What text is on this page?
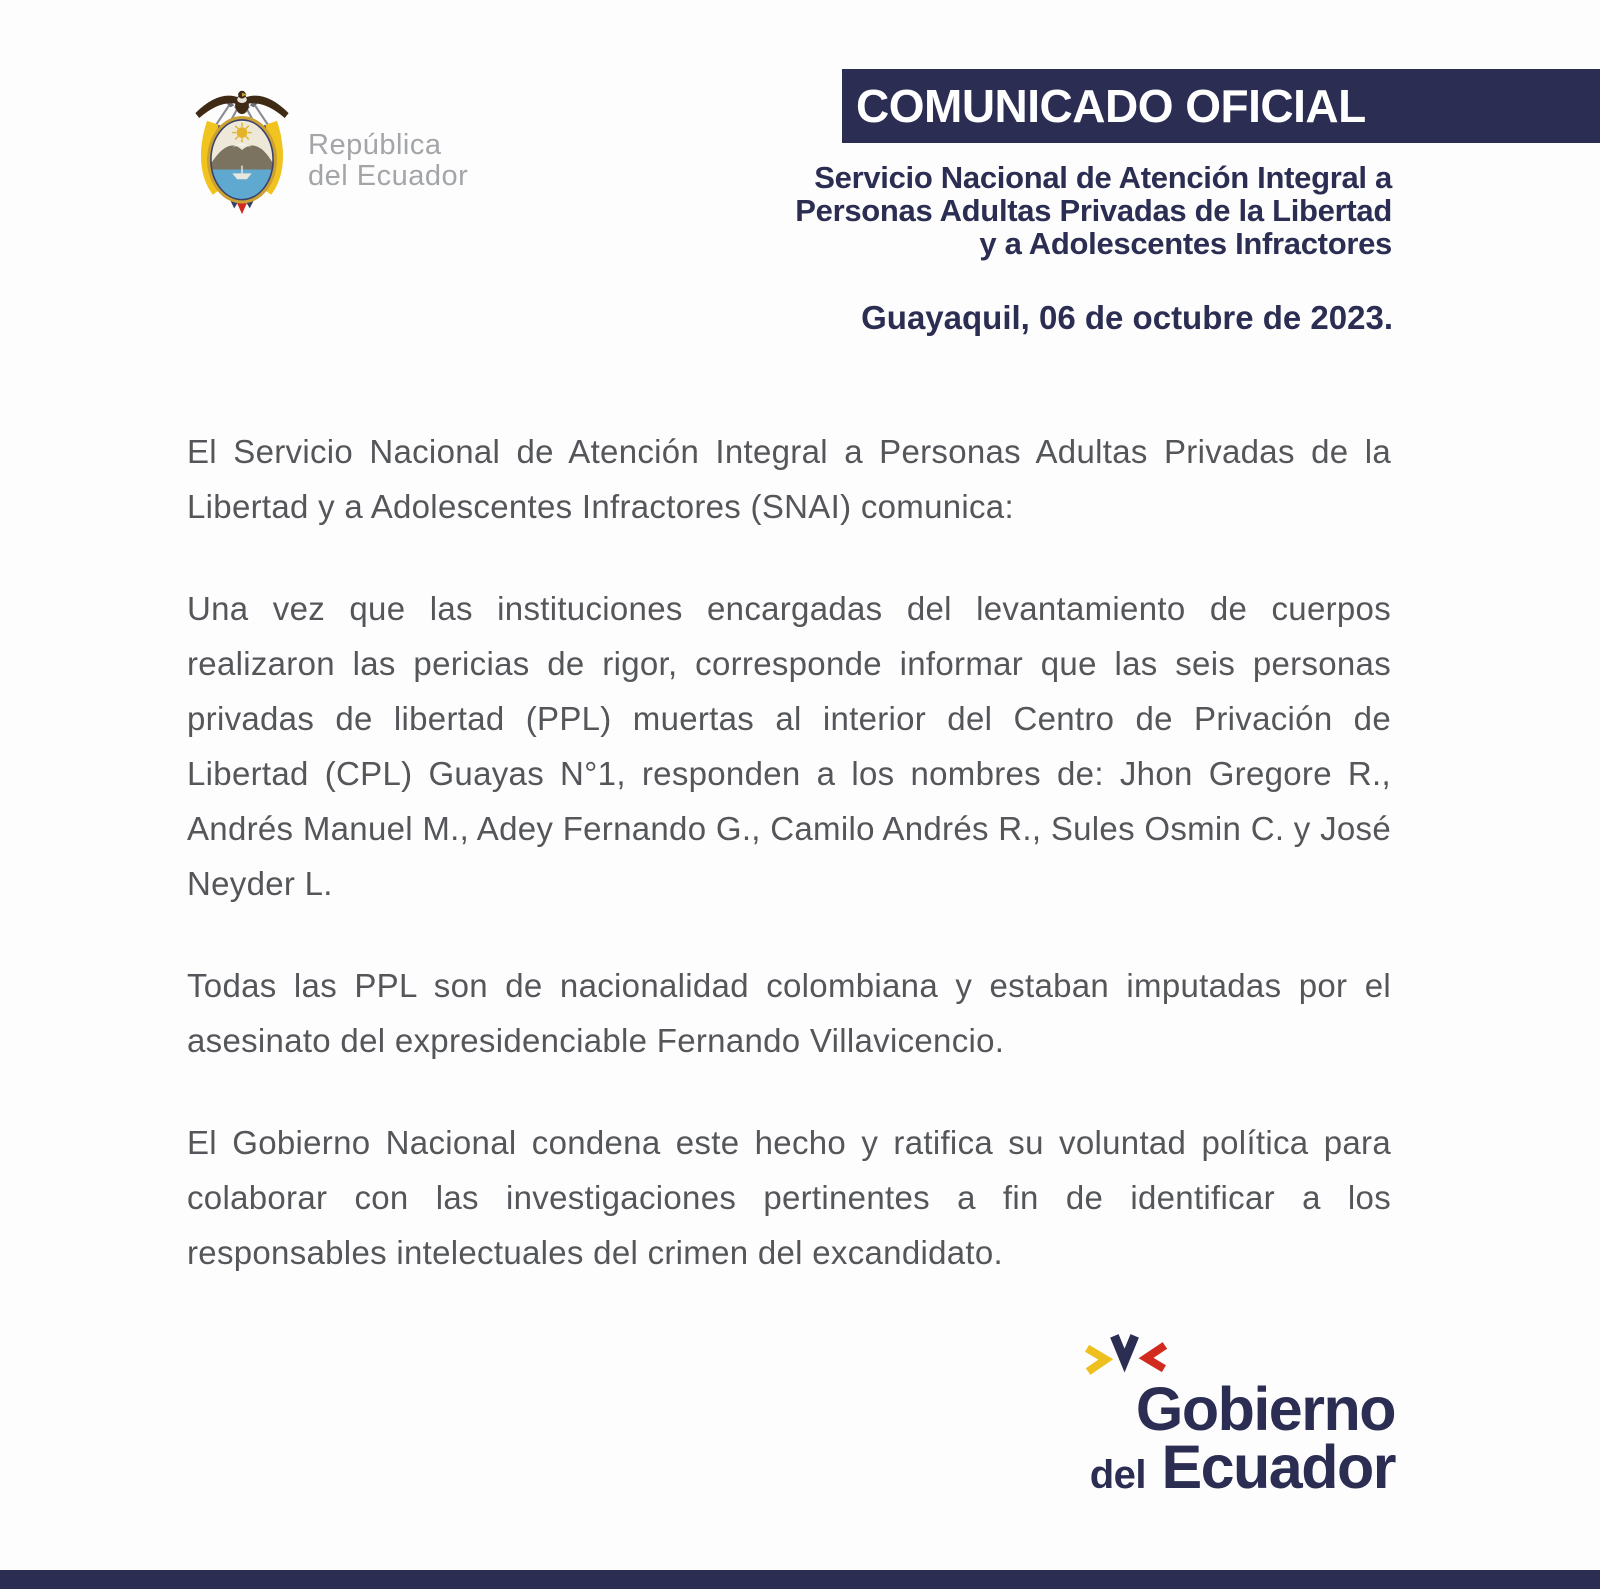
República
del Ecuador
COMUNICADO OFICIAL
Servicio Nacional de Atención Integral a
Personas Adultas Privadas de la Libertad
y a Adolescentes Infractores
Guayaquil, 06 de octubre de 2023.

El Servicio Nacional de Atención Integral a Personas Adultas Privadas de la Libertad y a Adolescentes Infractores (SNAI) comunica:

Una vez que las instituciones encargadas del levantamiento de cuerpos realizaron las pericias de rigor, corresponde informar que las seis personas privadas de libertad (PPL) muertas al interior del Centro de Privación de Libertad (CPL) Guayas N°1, responden a los nombres de: Jhon Gregore R., Andrés Manuel M., Adey Fernando G., Camilo Andrés R., Sules Osmin C. y José Neyder L.

Todas las PPL son de nacionalidad colombiana y estaban imputadas por el asesinato del expresidenciable Fernando Villavicencio.

El Gobierno Nacional condena este hecho y ratifica su voluntad política para colaborar con las investigaciones pertinentes a fin de identificar a los responsables intelectuales del crimen del excandidato.

Gobierno
del Ecuador
